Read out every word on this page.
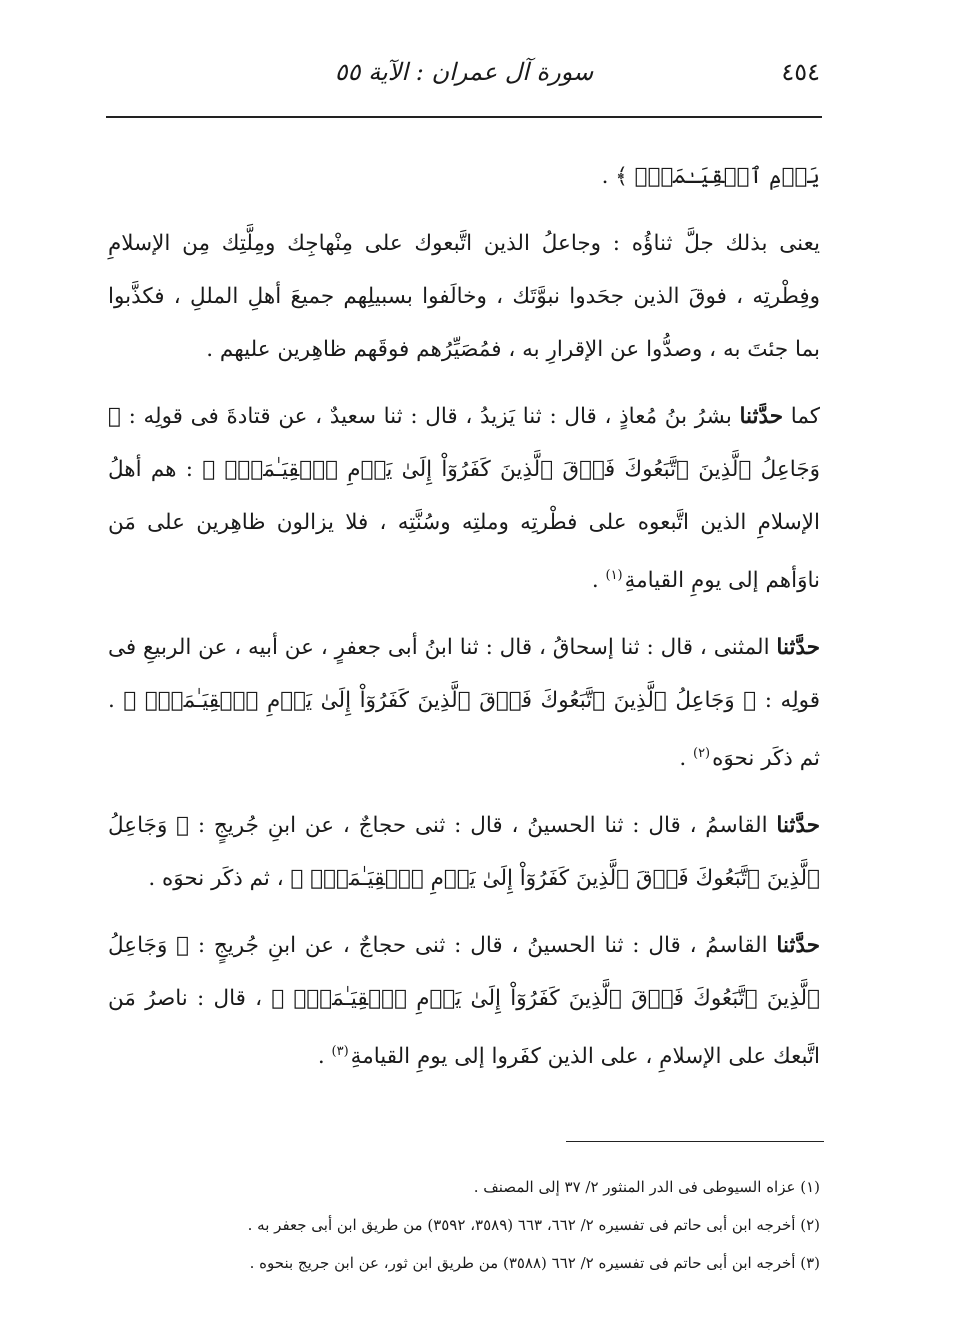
٤٥٤
سورة آل عمران : الآية ٥٥

يَوۡمِ ٱلۡقِيَـٰمَةِۗ ﴾ .

يعنى بذلك جلَّ ثناؤُه : وجاعلُ الذين اتَّبعوك على مِنْهاجِك ومِلَّتِك مِن الإسلامِ وفِطْرتِه ، فوقَ الذين جحَدوا نبوَّتَك ، وخالَفوا بسبيلِهم جميعَ أهلِ المللِ ، فكذَّبوا بما جئتَ به ، وصدُّوا عن الإقرارِ به ، فمُصَيِّرُهم فوقَهم ظاهِرين عليهم .

كما حدَّثنا بشرُ بنُ مُعاذٍ ، قال : ثنا يَزيدُ ، قال : ثنا سعيدٌ ، عن قتادةَ فى قولِه : ﴿ وَجَاعِلُ ٱلَّذِينَ ٱتَّبَعُوكَ فَوۡقَ ٱلَّذِينَ كَفَرُوٓاْ إِلَىٰ يَوۡمِ ٱلۡقِيَـٰمَةِۗ ﴾ : هم أهلُ الإسلامِ الذين اتَّبعوه على فطْرتِه وملتِه وسُنَّتِه ، فلا يزالون ظاهِرين على مَن ناوَأهم إلى يومِ القيامةِ$^{(١)}$ .

حدَّثنا المثنى ، قال : ثنا إسحاقُ ، قال : ثنا ابنُ أبى جعفرٍ ، عن أبيه ، عن الربيعِ فى قولِه : ﴿ وَجَاعِلُ ٱلَّذِينَ ٱتَّبَعُوكَ فَوۡقَ ٱلَّذِينَ كَفَرُوٓاْ إِلَىٰ يَوۡمِ ٱلۡقِيَـٰمَةِۗ ﴾ . ثم ذكَر نحوَه$^{(٢)}$ .

حدَّثنا القاسمُ ، قال : ثنا الحسينُ ، قال : ثنى حجاجٌ ، عن ابنِ جُريجٍ : ﴿ وَجَاعِلُ ٱلَّذِينَ ٱتَّبَعُوكَ فَوۡقَ ٱلَّذِينَ كَفَرُوٓاْ إِلَىٰ يَوۡمِ ٱلۡقِيَـٰمَةِۗ ﴾ ، ثم ذكَر نحوَه .

حدَّثنا القاسمُ ، قال : ثنا الحسينُ ، قال : ثنى حجاجٌ ، عن ابنِ جُريجٍ : ﴿ وَجَاعِلُ ٱلَّذِينَ ٱتَّبَعُوكَ فَوۡقَ ٱلَّذِينَ كَفَرُوٓاْ إِلَىٰ يَوۡمِ ٱلۡقِيَـٰمَةِۗ ﴾ ، قال : ناصرُ مَن اتَّبعك على الإسلامِ ، على الذين كفَروا إلى يومِ القيامةِ$^{(٣)}$ .

(١) عزاه السيوطى فى الدر المنثور ٢/ ٣٧ إلى المصنف .

(٢) أخرجه ابن أبى حاتم فى تفسيره ٢/ ٦٦٢، ٦٦٣ (٣٥٨٩، ٣٥٩٢) من طريق ابن أبى جعفر به .

(٣) أخرجه ابن أبى حاتم فى تفسيره ٢/ ٦٦٢ (٣٥٨٨) من طريق ابن ثور، عن ابن جريج بنحوه .
